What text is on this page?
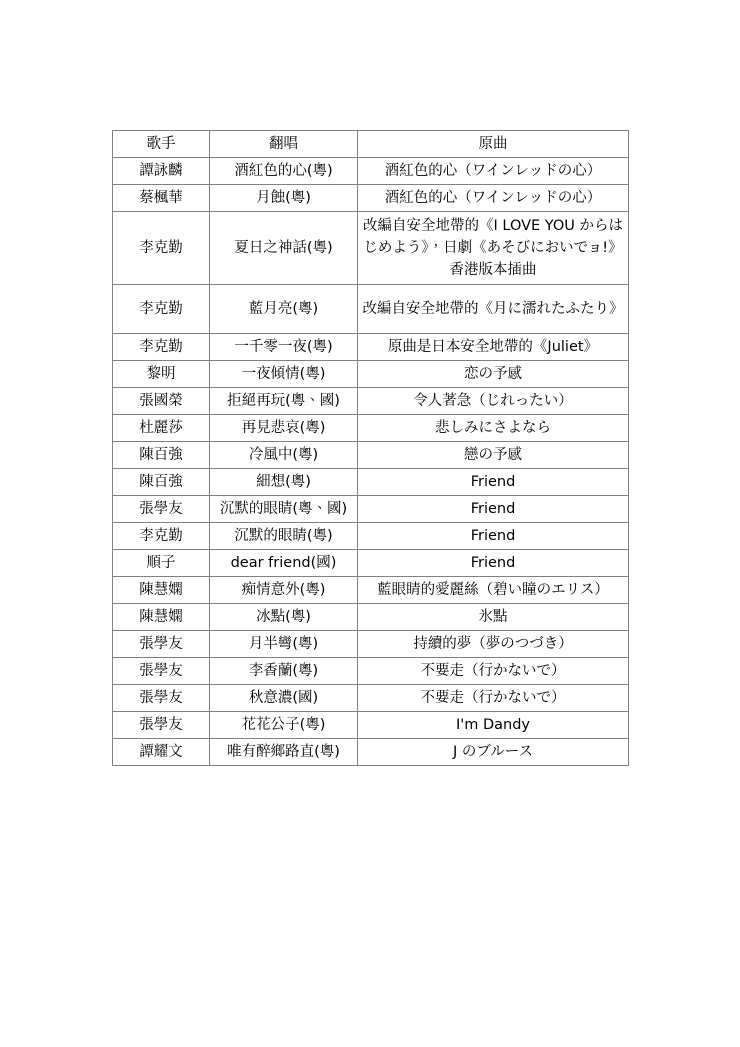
歌手	翻唱	原曲
譚詠麟	酒紅色的心(粵)	酒紅色的心（ワインレッドの心）
蔡楓華	月蝕(粵)	酒紅色的心（ワインレッドの心）
李克勤	夏日之神話(粵)	改編自安全地帶的《I LOVE YOU からはじめよう》，日劇《あそびにおいでョ!》香港版本插曲
李克勤	藍月亮(粵)	改編自安全地帶的《月に濡れたふたり》
李克勤	一千零一夜(粵)	原曲是日本安全地帶的《Juliet》
黎明	一夜傾情(粵)	恋の予感
張國榮	拒絕再玩(粵、國)	令人著急（じれったい）
杜麗莎	再見悲哀(粵)	悲しみにさよなら
陳百強	冷風中(粵)	戀の予感
陳百強	細想(粵)	Friend
張學友	沉默的眼睛(粵、國)	Friend
李克勤	沉默的眼睛(粵)	Friend
順子	dear friend(國)	Friend
陳慧嫻	痴情意外(粵)	藍眼睛的愛麗絲（碧い瞳のエリス）
陳慧嫻	冰點(粵)	氷點
張學友	月半彎(粵)	持續的夢（夢のつづき）
張學友	李香蘭(粵)	不要走（行かないで）
張學友	秋意濃(國)	不要走（行かないで）
張學友	花花公子(粵)	I'm Dandy
譚耀文	唯有醉鄉路直(粵)	J のブルース
